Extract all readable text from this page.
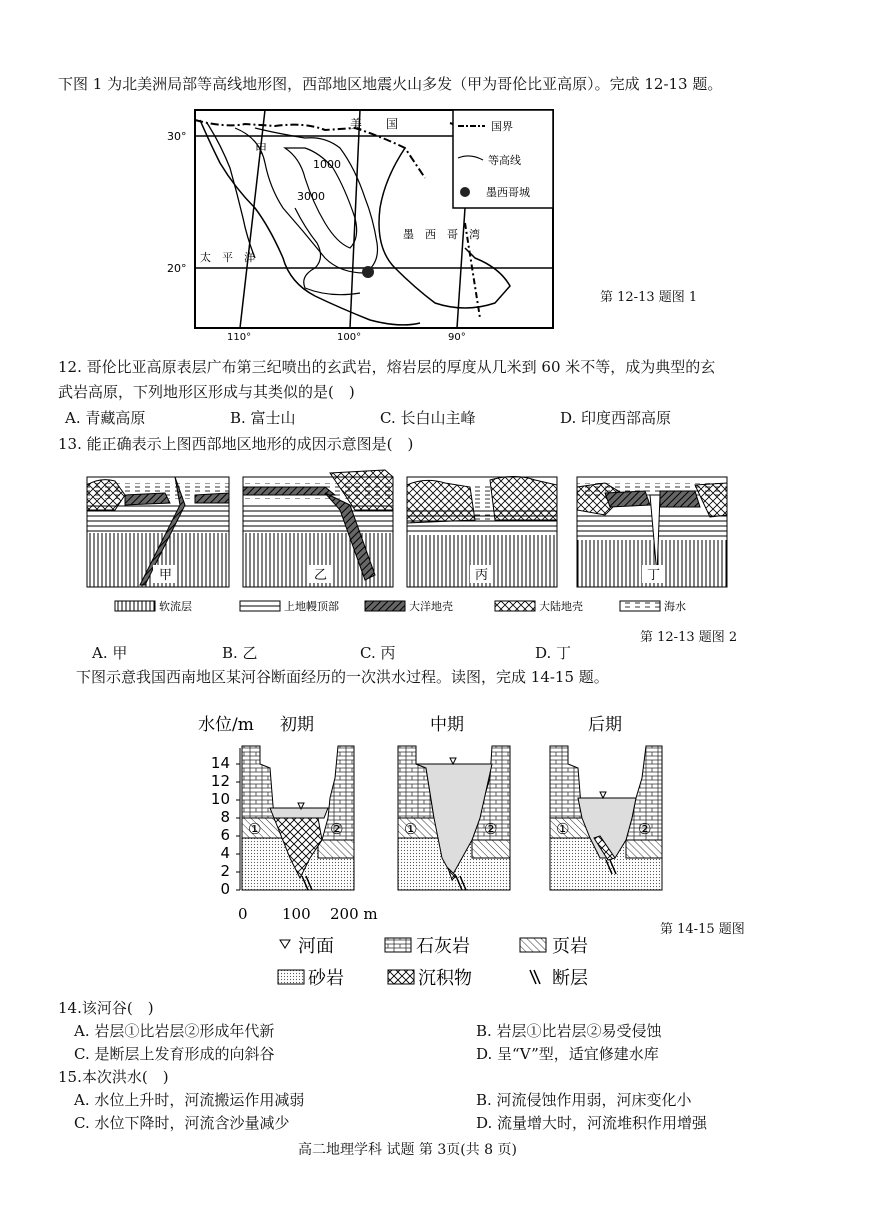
下图 1 为北美洲局部等高线地形图，西部地区地震火山多发（甲为哥伦比亚高原）。完成 12-13 题。
30°
20°
110°	100°	90°
美　　国
甲
1000
3000
太　平　洋
墨　西　哥　湾
国界
等高线
墨西哥城
第 12-13 题图 1
12. 哥伦比亚高原表层广布第三纪喷出的玄武岩，熔岩层的厚度从几米到 60 米不等，成为典型的玄
武岩高原，下列地形区形成与其类似的是(　)
A. 青藏高原	B. 富士山	C. 长白山主峰	D. 印度西部高原
13. 能正确表示上图西部地区地形的成因示意图是(　)
甲	乙	丙	丁
软流层	上地幔顶部	大洋地壳	大陆地壳	海水
第 12-13 题图 2
A. 甲	B. 乙	C. 丙	D. 丁
下图示意我国西南地区某河谷断面经历的一次洪水过程。读图，完成 14-15 题。
水位/m 初期	中期	后期
14
12
10
8
6
4
2
0
①	②	①	②	①	②
0 100 200 m
河面	石灰岩	页岩
砂岩	沉积物	断层
第 14-15 题图
14.该河谷(　)
A. 岩层①比岩层②形成年代新	B. 岩层①比岩层②易受侵蚀
C. 是断层上发育形成的向斜谷	D. 呈“V”型，适宜修建水库
15.本次洪水(　)
A. 水位上升时，河流搬运作用减弱	B. 河流侵蚀作用弱，河床变化小
C. 水位下降时，河流含沙量减少	D. 流量增大时，河流堆积作用增强
高二地理学科 试题 第 3页(共 8 页)
